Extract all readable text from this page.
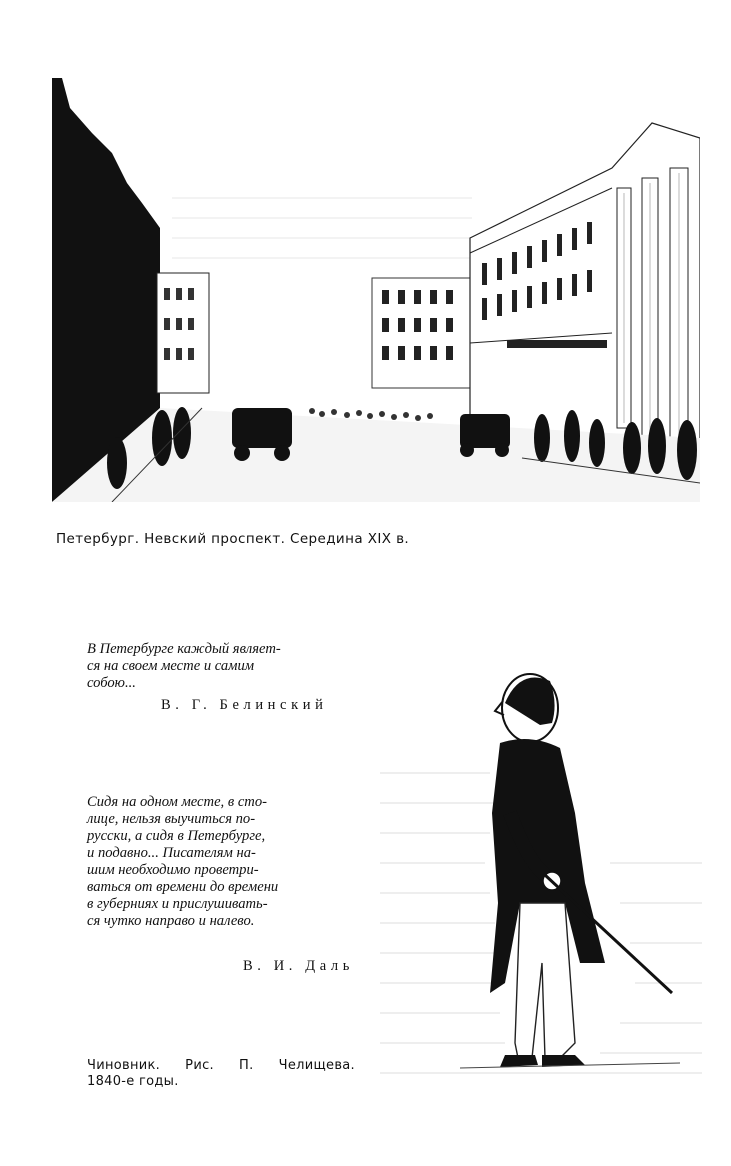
Петербург. Невский проспект. Середина XIX в.
В Петербурге каждый являет-
ся на своем месте и самим
собою...
В. Г. Белинский
Сидя на одном месте, в сто-
лице, нельзя выучиться по-
русски, а сидя в Петербурге,
и подавно... Писателям на-
шим необходимо проветри-
ваться от времени до времени
в губерниях и прислушивать-
ся чутко направо и налево.
В. И. Даль
Чиновник. Рис. П. Челищева.
1840-е годы.
